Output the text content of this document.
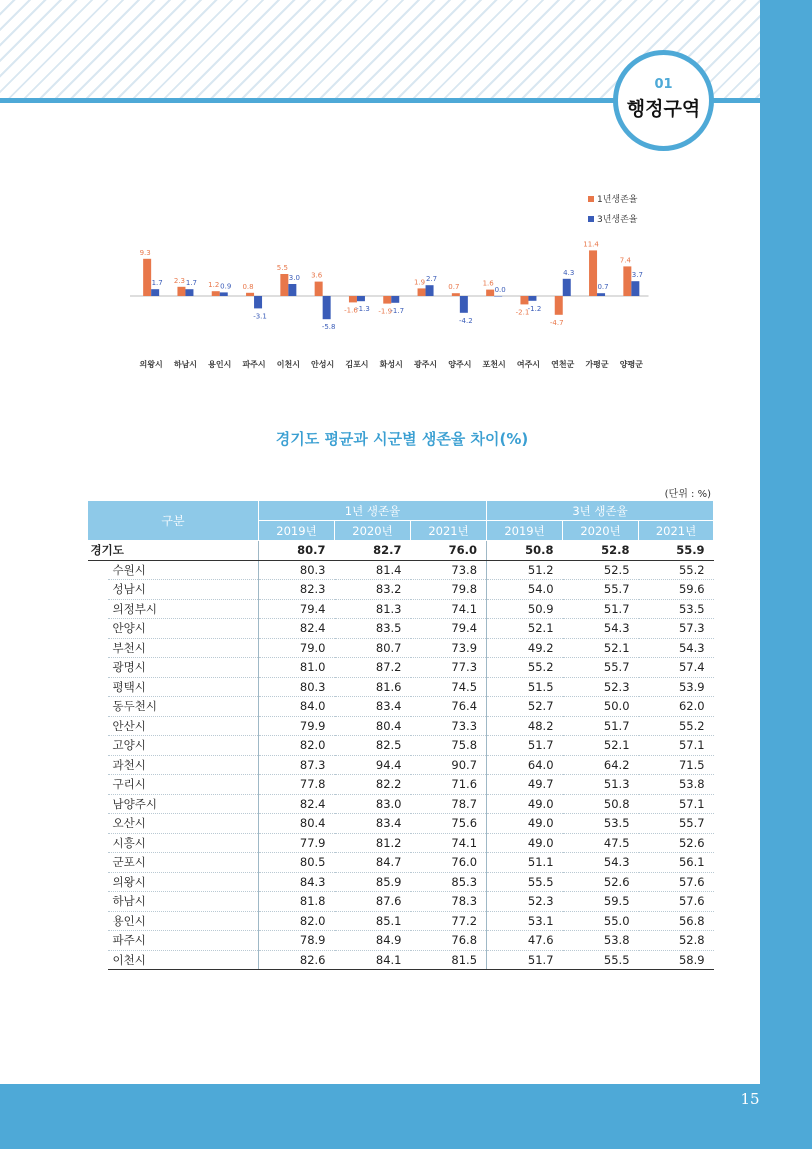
15
01
행정구역
9.3
1.7
의왕시
2.3 1.7
하남시
1.2 0.9
용인시
0.8
-3.1
파주시
5.5
3.0
이천시
3.6
-5.8
안성시
-1.6
-1.3
김포시
-1.9
-1.7
화성시
1.9 2.7
광주시
0.7
-4.2
양주시
1.6
0.0
포천시
-2.1
-1.2
여주시
-4.7
4.3
연천군
11.4
0.7
가평군
7.4
3.7
양평군
1년생존율
3년생존율
경기도 평균과 시군별 생존율 차이(%)
(단위 : %)
구분		1년 생존율			3년 생존율		
		2019년	2020년	2021년	2019년	2020년	2021년
경기도		80.7	82.7	76.0	50.8	52.8	55.9
	수원시	80.3	81.4	73.8	51.2	52.5	55.2
	성남시	82.3	83.2	79.8	54.0	55.7	59.6
	의정부시	79.4	81.3	74.1	50.9	51.7	53.5
	안양시	82.4	83.5	79.4	52.1	54.3	57.3
	부천시	79.0	80.7	73.9	49.2	52.1	54.3
	광명시	81.0	87.2	77.3	55.2	55.7	57.4
	평택시	80.3	81.6	74.5	51.5	52.3	53.9
	동두천시	84.0	83.4	76.4	52.7	50.0	62.0
	안산시	79.9	80.4	73.3	48.2	51.7	55.2
	고양시	82.0	82.5	75.8	51.7	52.1	57.1
	과천시	87.3	94.4	90.7	64.0	64.2	71.5
	구리시	77.8	82.2	71.6	49.7	51.3	53.8
	남양주시	82.4	83.0	78.7	49.0	50.8	57.1
	오산시	80.4	83.4	75.6	49.0	53.5	55.7
	시흥시	77.9	81.2	74.1	49.0	47.5	52.6
	군포시	80.5	84.7	76.0	51.1	54.3	56.1
	의왕시	84.3	85.9	85.3	55.5	52.6	57.6
	하남시	81.8	87.6	78.3	52.3	59.5	57.6
	용인시	82.0	85.1	77.2	53.1	55.0	56.8
	파주시	78.9	84.9	76.8	47.6	53.8	52.8
	이천시	82.6	84.1	81.5	51.7	55.5	58.9
